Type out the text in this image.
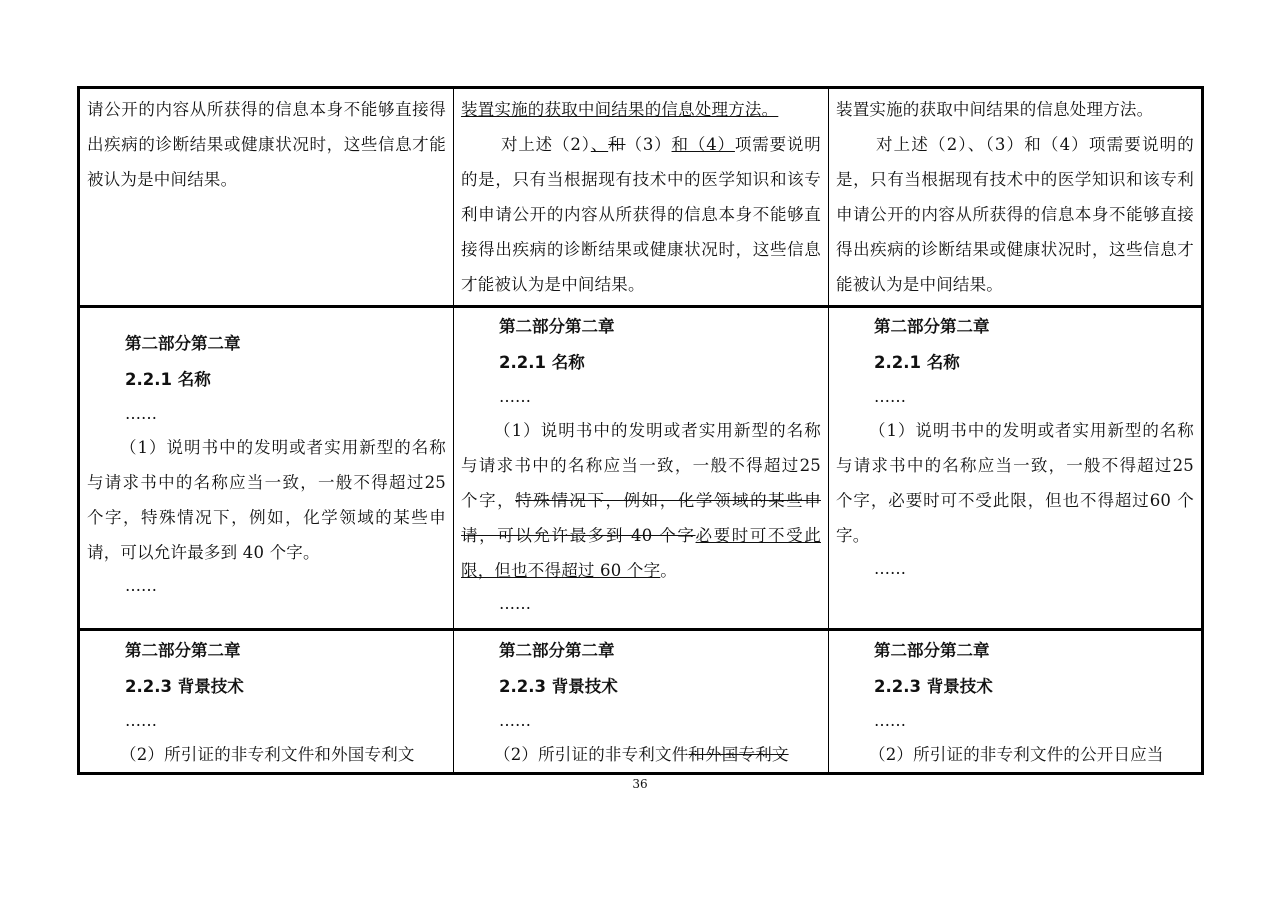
请公开的内容从所获得的信息本身不能够直接得出疾病的诊断结果或健康状况时，这些信息才能被认为是中间结果。

装置实施的获取中间结果的信息处理方法。

对上述（2）、和（3）和（4）项需要说明的是，只有当根据现有技术中的医学知识和该专利申请公开的内容从所获得的信息本身不能够直接得出疾病的诊断结果或健康状况时，这些信息才能被认为是中间结果。

装置实施的获取中间结果的信息处理方法。

对上述（2）、（3）和（4）项需要说明的是，只有当根据现有技术中的医学知识和该专利申请公开的内容从所获得的信息本身不能够直接得出疾病的诊断结果或健康状况时，这些信息才能被认为是中间结果。

第二部分第二章

2.2.1 名称

……

（1）说明书中的发明或者实用新型的名称与请求书中的名称应当一致，一般不得超过25 个字，特殊情况下，例如，化学领域的某些申请，可以允许最多到 40 个字。

……

第二部分第二章

2.2.1 名称

……

（1）说明书中的发明或者实用新型的名称与请求书中的名称应当一致，一般不得超过25 个字，特殊情况下，例如，化学领域的某些申请，可以允许最多到 40 个字必要时可不受此限，但也不得超过 60 个字。

……

第二部分第二章

2.2.1 名称

……

（1）说明书中的发明或者实用新型的名称与请求书中的名称应当一致，一般不得超过25 个字，必要时可不受此限，但也不得超过60 个字。

……

第二部分第二章

2.2.3 背景技术

……

（2）所引证的非专利文件和外国专利文

第二部分第二章

2.2.3 背景技术

……

（2）所引证的非专利文件和外国专利文

第二部分第二章

2.2.3 背景技术

……

（2）所引证的非专利文件的公开日应当

36
